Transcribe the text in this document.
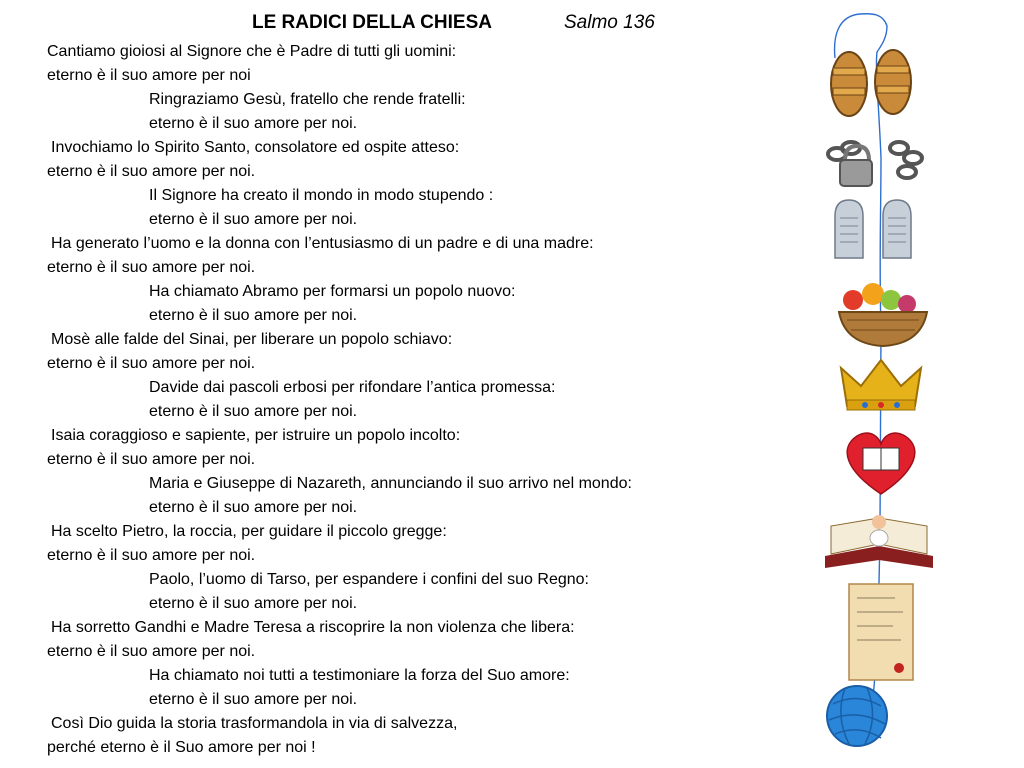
LE RADICI DELLA CHIESA	Salmo 136
Cantiamo gioiosi al Signore che è Padre di tutti gli uomini:
eterno è il suo amore per noi
Ringraziamo Gesù, fratello che rende fratelli:
eterno è il suo amore per noi.
Invochiamo lo Spirito Santo, consolatore ed ospite atteso:
eterno è il suo amore per noi.
Il Signore ha creato il mondo in modo stupendo :
eterno è il suo amore per noi.
Ha generato l’uomo e la donna con l’entusiasmo di un padre e di una madre:
eterno è il suo amore per noi.
Ha chiamato Abramo per formarsi un popolo nuovo:
eterno è il suo amore per noi.
Mosè alle falde del Sinai, per liberare un popolo schiavo:
eterno è il suo amore per noi.
Davide dai pascoli erbosi per rifondare l’antica promessa:
eterno è il suo amore per noi.
Isaia coraggioso e sapiente, per istruire un popolo incolto:
eterno è il suo amore per noi.
Maria e Giuseppe di Nazareth, annunciando il suo arrivo nel mondo:
eterno è il suo amore per noi.
Ha scelto Pietro, la roccia, per guidare il piccolo gregge:
eterno è il suo amore per noi.
Paolo, l’uomo di Tarso, per espandere i confini del suo Regno:
eterno è il suo amore per noi.
Ha sorretto Gandhi e Madre Teresa a riscoprire la non violenza che libera:
eterno è il suo amore per noi.
Ha chiamato noi tutti a testimoniare la forza del Suo amore:
eterno è il suo amore per noi.
Così Dio guida la storia trasformandola in via di salvezza,
perché eterno è il Suo amore per noi !
